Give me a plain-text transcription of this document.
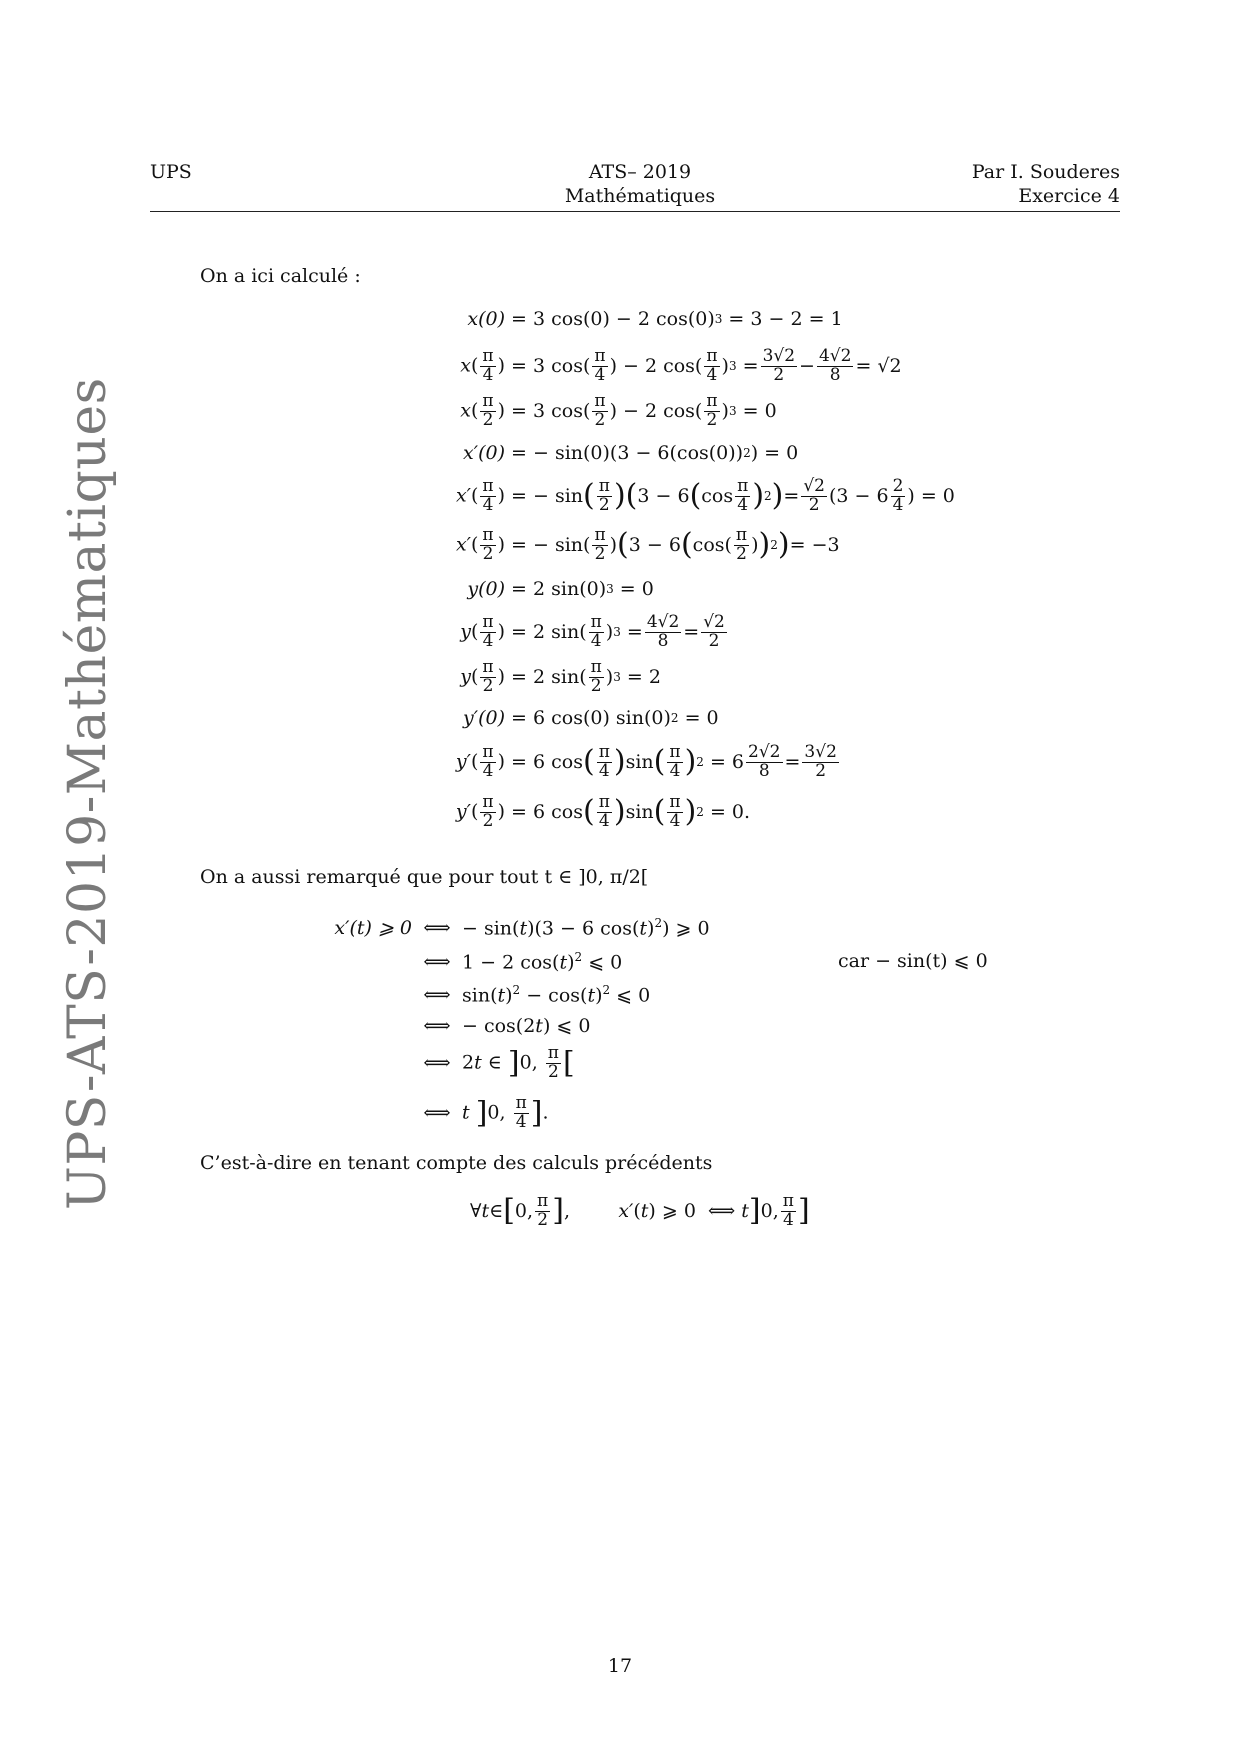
UPS	ATS– 2019
Mathématiques
Par I. Souderes
Exercice 4
UPS-ATS-2019-Mathématiques
On a ici calculé :
x(0) = 3 cos(0) − 2 cos(0) 3 = 3 − 2 = 1
$x( \frac{\pi}{4}$ ) = 3 $\cos( \frac{\pi}{4}$ ) − 2 $\cos( \frac{\pi}{4}$ ) $3 = \frac{3√2}{2} - \frac{4√2}{8} = √2$
$x( \frac{\pi}{2}$ ) = 3 $\cos( \frac{\pi}{2}$ ) − 2 $\cos( \frac{\pi}{2}$ ) 3 = 0
x′(0) = − sin(0)(3 − 6(cos(0)) 2 ) = 0
$x'( \frac{\pi}{4}$ ) = − sin ( $\frac{\pi}{2}$ ) ( 3 − 6 ( $\cos \frac{\pi}{4}$ ) 2 ) = $\frac{√2}{2} (3 - 6 \frac{2}{4}$ ) = 0
$x'( \frac{\pi}{2}$ ) = − $\sin( \frac{\pi}{2}$ ) ( 3 − 6 ( $\cos( \frac{\pi}{2}$ ) ) 2 ) = −3
y(0) = 2 sin(0) 3 = 0
$y( \frac{\pi}{4}$ ) = 2 $\sin( \frac{\pi}{4}$ ) $3 = \frac{4√2}{8} = \frac{√2}{2}$
$y( \frac{\pi}{2}$ ) = 2 $\sin( \frac{\pi}{2}$ ) 3 = 2
y′(0) = 6 cos(0) sin(0) 2 = 0
$y'( \frac{\pi}{4}$ ) = 6 cos ( $\frac{\pi}{4}$ ) sin ( $\frac{\pi}{4}$ ) $2 = 6 \frac{2√2}{8} = \frac{3√2}{2}$
$y'( \frac{\pi}{2}$ ) = 6 cos ( $\frac{\pi}{4}$ ) sin ( $\frac{\pi}{4}$ ) 2 = 0.
On a aussi remarqué que pour tout t ∈ ]0, π/2[
x′(t) ⩾ 0 ⟺ − sin(t)(3 − 6 $\cos(t)^2$) ⩾ 0
⟺ 1 − 2 $\cos(t)^2$ ⩽ 0	car − sin(t) ⩽ 0
⟺ $\sin(t)^2 - \cos(t)^2$ ⩽ 0
⟺ − cos(2t) ⩽ 0
⟺ 2t ∈ ]0, $\frac{\pi}{2}$ [
⟺ t ]0, $\frac{\pi}{4}$ ].
C’est-à-dire en tenant compte des calculs précédents
∀ t ∈ [ 0, $\frac{\pi}{2}$ ] , x′ ( t ) ⩾ 0  ⟺ t ] 0, $\frac{\pi}{4}$ ]
17
